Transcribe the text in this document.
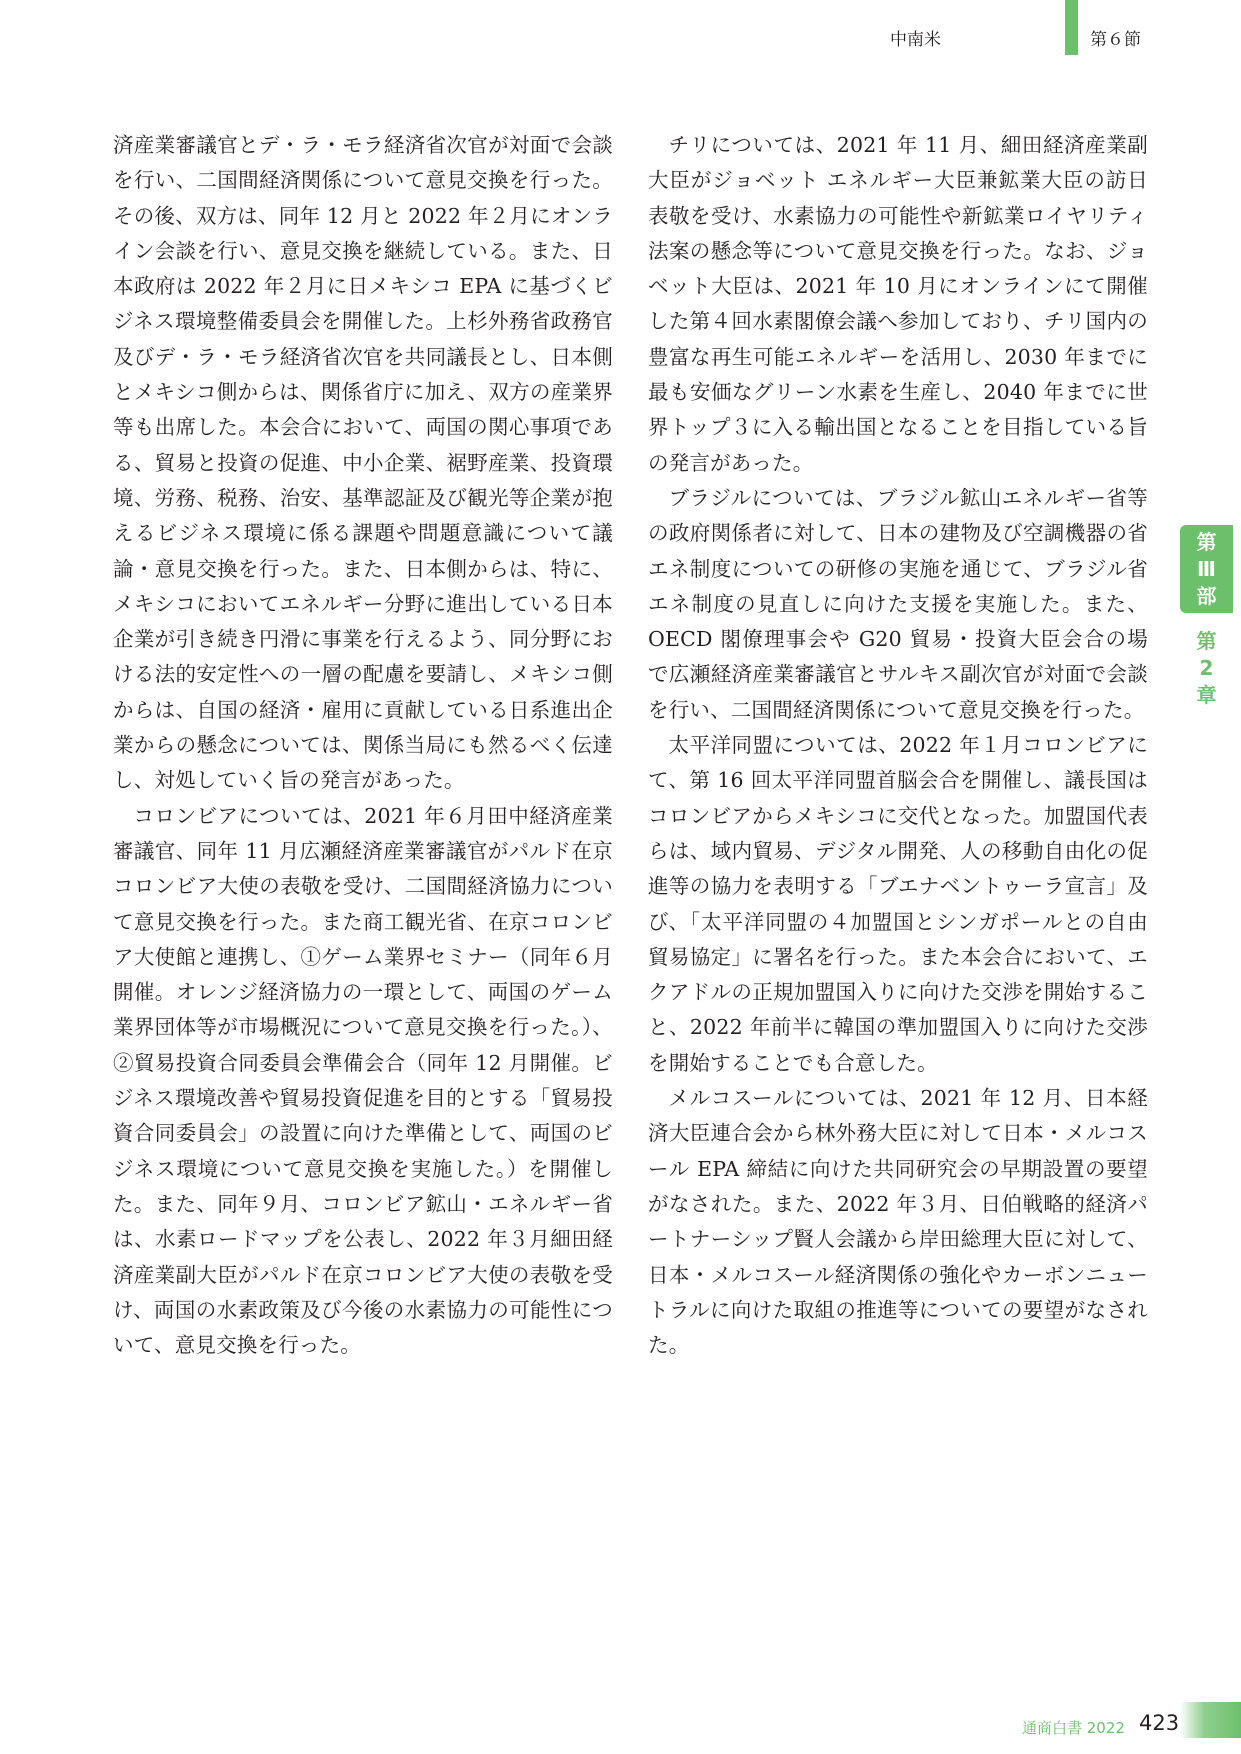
中南米	第６節

済産業審議官とデ・ラ・モラ経済省次官が対面で会談を行い、二国間経済関係について意見交換を行った。その後、双方は、同年 12 月と 2022 年２月にオンライン会談を行い、意見交換を継続している。また、日本政府は 2022 年２月に日メキシコ EPA に基づくビジネス環境整備委員会を開催した。上杉外務省政務官及びデ・ラ・モラ経済省次官を共同議長とし、日本側とメキシコ側からは、関係省庁に加え、双方の産業界等も出席した。本会合において、両国の関心事項である、貿易と投資の促進、中小企業、裾野産業、投資環境、労務、税務、治安、基準認証及び観光等企業が抱えるビジネス環境に係る課題や問題意識について議論・意見交換を行った。また、日本側からは、特に、メキシコにおいてエネルギー分野に進出している日本企業が引き続き円滑に事業を行えるよう、同分野における法的安定性への一層の配慮を要請し、メキシコ側からは、自国の経済・雇用に貢献している日系進出企業からの懸念については、関係当局にも然るべく伝達し、対処していく旨の発言があった。

コロンビアについては、2021 年６月田中経済産業審議官、同年 11 月広瀬経済産業審議官がパルド在京コロンビア大使の表敬を受け、二国間経済協力について意見交換を行った。また商工観光省、在京コロンビア大使館と連携し、①ゲーム業界セミナー（同年６月開催。オレンジ経済協力の一環として、両国のゲーム業界団体等が市場概況について意見交換を行った。）、②貿易投資合同委員会準備会合（同年 12 月開催。ビジネス環境改善や貿易投資促進を目的とする「貿易投資合同委員会」の設置に向けた準備として、両国のビジネス環境について意見交換を実施した。）を開催した。また、同年９月、コロンビア鉱山・エネルギー省は、水素ロードマップを公表し、2022 年３月細田経済産業副大臣がパルド在京コロンビア大使の表敬を受け、両国の水素政策及び今後の水素協力の可能性について、意見交換を行った。

チリについては、2021 年 11 月、細田経済産業副大臣がジョベット エネルギー大臣兼鉱業大臣の訪日表敬を受け、水素協力の可能性や新鉱業ロイヤリティ法案の懸念等について意見交換を行った。なお、ジョベット大臣は、2021 年 10 月にオンラインにて開催した第４回水素閣僚会議へ参加しており、チリ国内の豊富な再生可能エネルギーを活用し、2030 年までに最も安価なグリーン水素を生産し、2040 年までに世界トップ３に入る輸出国となることを目指している旨の発言があった。

ブラジルについては、ブラジル鉱山エネルギー省等の政府関係者に対して、日本の建物及び空調機器の省エネ制度についての研修の実施を通じて、ブラジル省エネ制度の見直しに向けた支援を実施した。また、OECD 閣僚理事会や G20 貿易・投資大臣会合の場で広瀬経済産業審議官とサルキス副次官が対面で会談を行い、二国間経済関係について意見交換を行った。

太平洋同盟については、2022 年１月コロンビアにて、第 16 回太平洋同盟首脳会合を開催し、議長国はコロンビアからメキシコに交代となった。加盟国代表らは、域内貿易、デジタル開発、人の移動自由化の促進等の協力を表明する「ブエナベントゥーラ宣言」及び、「太平洋同盟の４加盟国とシンガポールとの自由貿易協定」に署名を行った。また本会合において、エクアドルの正規加盟国入りに向けた交渉を開始すること、2022 年前半に韓国の準加盟国入りに向けた交渉を開始することでも合意した。

メルコスールについては、2021 年 12 月、日本経済大臣連合会から林外務大臣に対して日本・メルコスール EPA 締結に向けた共同研究会の早期設置の要望がなされた。また、2022 年３月、日伯戦略的経済パートナーシップ賢人会議から岸田総理大臣に対して、日本・メルコスール経済関係の強化やカーボンニュートラルに向けた取組の推進等についての要望がなされた。

第
Ⅲ
部
第
2
章
通商白書 2022 423
